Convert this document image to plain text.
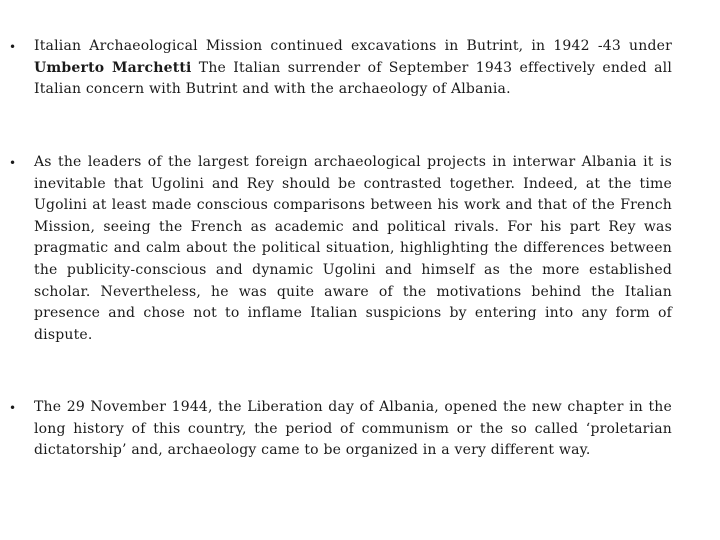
• Italian Archaeological Mission continued excavations in Butrint, in 1942 -43 under Umberto Marchetti The Italian surrender of September 1943 effectively ended all Italian concern with Butrint and with the archaeology of Albania.

• As the leaders of the largest foreign archaeological projects in interwar Albania it is inevitable that Ugolini and Rey should be contrasted together. Indeed, at the time Ugolini at least made conscious comparisons between his work and that of the French Mission, seeing the French as academic and political rivals. For his part Rey was pragmatic and calm about the political situation, highlighting the differences between the publicity-conscious and dynamic Ugolini and himself as the more established scholar. Nevertheless, he was quite aware of the motivations behind the Italian presence and chose not to inflame Italian suspicions by entering into any form of dispute.

• The 29 November 1944, the Liberation day of Albania, opened the new chapter in the long history of this country, the period of communism or the so called ‘proletarian dictatorship’ and, archaeology came to be organized in a very different way.
